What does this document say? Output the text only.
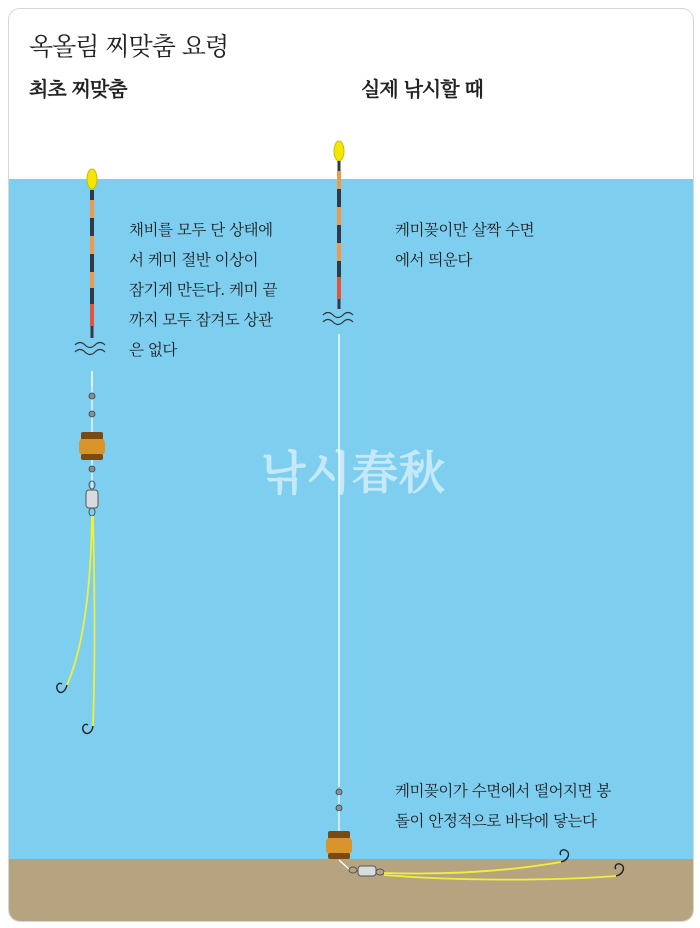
옥올림 찌맞춤 요령
최초 찌맞춤	실제 낚시할 때
채비를 모두 단 상태에
서 케미 절반 이상이
잠기게 만든다. 케미 끝
까지 모두 잠겨도 상관
은 없다
케미꽂이만 살짝 수면
에서 띄운다
케미꽂이가 수면에서 떨어지면 봉
돌이 안정적으로 바닥에 닿는다
낚시春秋
